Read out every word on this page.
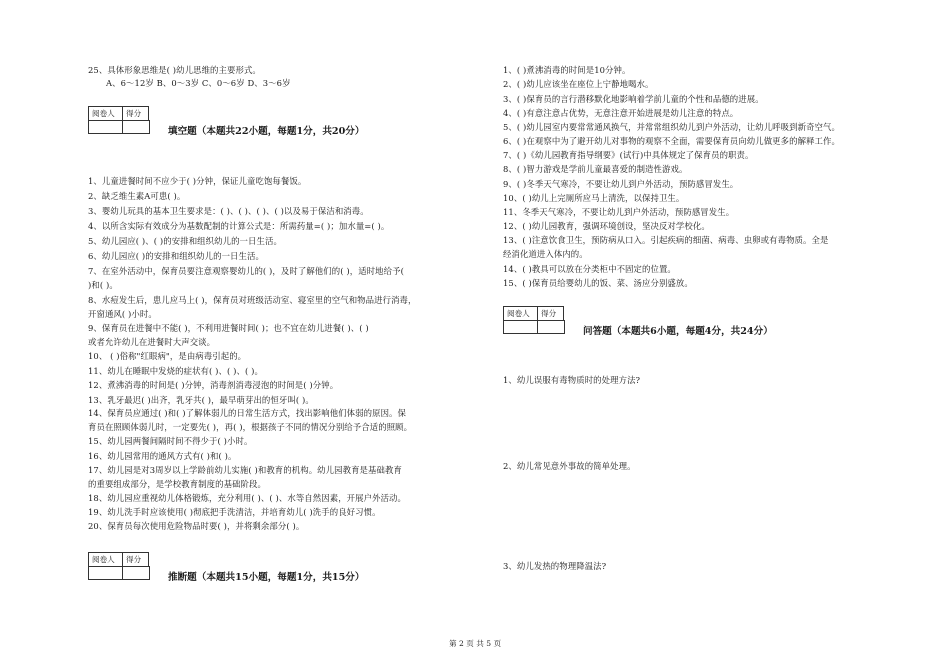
25、具体形象思维是( )幼儿思维的主要形式。
A、6～12岁 B、0～3岁 C、0～6岁 D、3～6岁
阅卷人	得分
填空题（本题共22小题，每题1分，共20分）
1、儿童进餐时间不应少于( )分钟，保证儿童吃饱每餐饭。
2、缺乏维生素A可患( )。
3、婴幼儿玩具的基本卫生要求是：( )、( )、( )、( )以及易于保洁和消毒。
4、以所含实际有效成分为基数配制的计算公式是：所需药量=( )；加水量=( )。
5、幼儿园应( )、( )的安排和组织幼儿的一日生活。
6、幼儿园应( )的安排和组织幼儿的一日生活。
7、在室外活动中，保育员要注意观察婴幼儿的( )，及时了解他们的( )，适时地给予(
)和( )。
8、水痘发生后，患儿应马上( )，保育员对班级活动室、寝室里的空气和物品进行消毒，
开窗通风( )小时。
9、保育员在进餐中不能( )，不利用进餐时间( )；也不宜在幼儿进餐( )、( )
或者允许幼儿在进餐时大声交谈。
10、 ( )俗称"红眼病"，是由病毒引起的。
11、幼儿在睡眠中发烧的症状有( )、( )、( )。
12、煮沸消毒的时间是( )分钟，消毒剂消毒浸泡的时间是( )分钟。
13、乳牙最迟( )出齐，乳牙共( )，最早萌芽出的恒牙叫( )。
14、保育员应通过( )和( )了解体弱儿的日常生活方式，找出影响他们体弱的原因。保
育员在照顾体弱儿时，一定要先( )，再( )，根据孩子不同的情况分别给予合适的照顾。
15、幼儿园两餐间隔时间不得少于( )小时。
16、幼儿园常用的通风方式有( )和( )。
17、幼儿园是对3周岁以上学龄前幼儿实施( )和教育的机构。幼儿园教育是基础教育
的重要组成部分，是学校教育制度的基础阶段。
18、幼儿园应重视幼儿体格锻炼，充分利用( )、( )、水等自然因素，开展户外活动。
19、幼儿洗手时应该使用( )彻底把手洗清洁，并培育幼儿( )洗手的良好习惯。
20、保育员每次使用危险物品时要( )，并将剩余部分( )。
阅卷人	得分
推断题（本题共15小题，每题1分，共15分）
1、( )煮沸消毒的时间是10分钟。
2、( )幼儿应该坐在座位上宁静地喝水。
3、( )保育员的言行潜移默化地影响着学前儿童的个性和品德的进展。
4、( )有意注意占优势，无意注意开始进展是幼儿注意的特点。
5、( )幼儿园室内要常常通风换气，并常常组织幼儿到户外活动，让幼儿呼吸到新奇空气。
6、( )在观察中为了避开幼儿对事物的观察不全面，需要保育员向幼儿做更多的解释工作。
7、( )《幼儿园教育指导纲要》(试行)中具体规定了保育员的职责。
8、( )智力游戏是学前儿童最喜爱的制造性游戏。
9、( )冬季天气寒冷，不要让幼儿到户外活动，预防感冒发生。
10、( )幼儿上完厕所应马上清洗，以保持卫生。
11、冬季天气寒冷，不要让幼儿到户外活动，预防感冒发生。
12、( )幼儿园教育，强调环境创设，坚决反对学校化。
13、( )注意饮食卫生，预防病从口入。引起疾病的细菌、病毒、虫卵或有毒物质。全是
经消化道进入体内的。
14、( )教具可以放在分类柜中不固定的位置。
15、( )保育员给婴幼儿的饭、菜、汤应分别盛放。
阅卷人	得分
问答题（本题共6小题，每题4分，共24分）
1、幼儿误服有毒物质时的处理方法?
2、幼儿常见意外事故的简单处理。
3、幼儿发热的物理降温法?
第 2 页 共 5 页
